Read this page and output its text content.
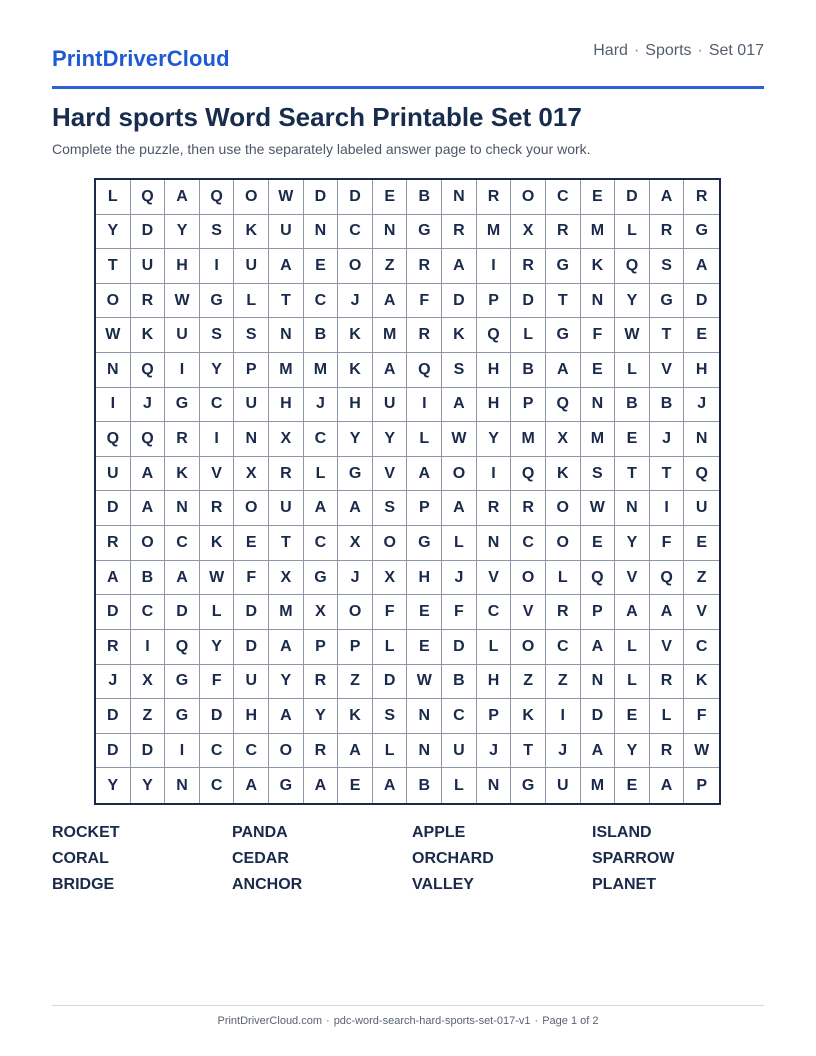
PrintDriverCloud	Hard · Sports · Set 017
Hard sports Word Search Printable Set 017

Complete the puzzle, then use the separately labeled answer page to check your work.

L	Q	A	Q	O	W	D	D	E	B	N	R	O	C	E	D	A	R
Y	D	Y	S	K	U	N	C	N	G	R	M	X	R	M	L	R	G
T	U	H	I	U	A	E	O	Z	R	A	I	R	G	K	Q	S	A
O	R	W	G	L	T	C	J	A	F	D	P	D	T	N	Y	G	D
W	K	U	S	S	N	B	K	M	R	K	Q	L	G	F	W	T	E
N	Q	I	Y	P	M	M	K	A	Q	S	H	B	A	E	L	V	H
I	J	G	C	U	H	J	H	U	I	A	H	P	Q	N	B	B	J
Q	Q	R	I	N	X	C	Y	Y	L	W	Y	M	X	M	E	J	N
U	A	K	V	X	R	L	G	V	A	O	I	Q	K	S	T	T	Q
D	A	N	R	O	U	A	A	S	P	A	R	R	O	W	N	I	U
R	O	C	K	E	T	C	X	O	G	L	N	C	O	E	Y	F	E
A	B	A	W	F	X	G	J	X	H	J	V	O	L	Q	V	Q	Z
D	C	D	L	D	M	X	O	F	E	F	C	V	R	P	A	A	V
R	I	Q	Y	D	A	P	P	L	E	D	L	O	C	A	L	V	C
J	X	G	F	U	Y	R	Z	D	W	B	H	Z	Z	N	L	R	K
D	Z	G	D	H	A	Y	K	S	N	C	P	K	I	D	E	L	F
D	D	I	C	C	O	R	A	L	N	U	J	T	J	A	Y	R	W
Y	Y	N	C	A	G	A	E	A	B	L	N	G	U	M	E	A	P
ROCKET	PANDA	APPLE	ISLAND
CORAL	CEDAR	ORCHARD	SPARROW
BRIDGE	ANCHOR	VALLEY	PLANET
PrintDriverCloud.com · pdc-word-search-hard-sports-set-017-v1 · Page 1 of 2
